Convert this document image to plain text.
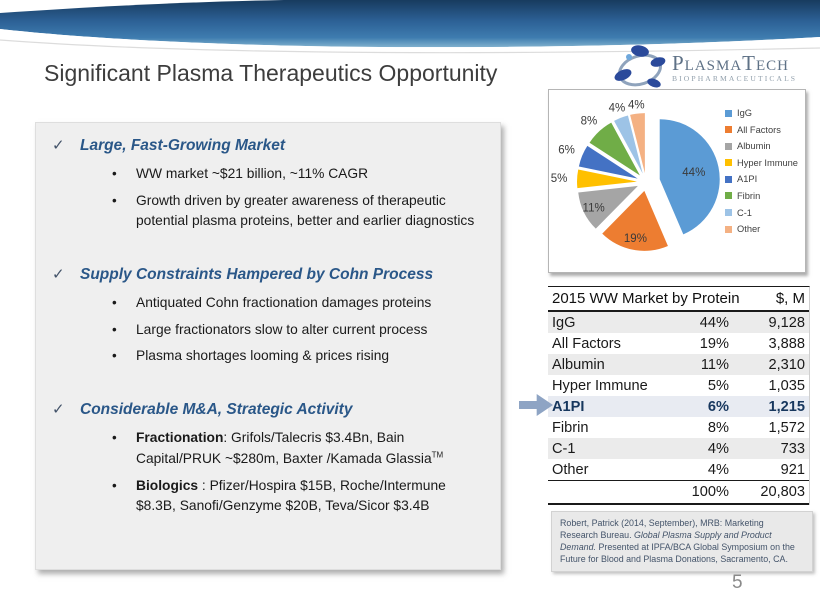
Significant Plasma Therapeutics Opportunity	PlasmaTech
BIOPHARMACEUTICALS
✓ Large, Fast-Growing Market
•	WW market ~$21 billion, ~11% CAGR
•	Growth driven by greater awareness of therapeutic potential plasma proteins, better and earlier diagnostics
✓ Supply Constraints Hampered by Cohn Process
•	Antiquated Cohn fractionation damages proteins
•	Large fractionators slow to alter current process
•	Plasma shortages looming & prices rising
✓ Considerable M&A, Strategic Activity
•	Fractionation: Grifols/Talecris $3.4Bn, Bain Capital/PRUK ~$280m, Baxter /Kamada Glassia™
•	Biologics : Pfizer/Hospira $15B, Roche/Intermune $8.3B, Sanofi/Genzyme $20B, Teva/Sicor $3.4B
44%
19%
11%
5%
6%
8%
4% 4%
IgG
All Factors
Albumin
Hyper Immune
A1PI
Fibrin
C-1
Other
2015 WW Market by Protein	$, M
IgG	44%	9,128
All Factors	19%	3,888
Albumin	11%	2,310
Hyper Immune	5%	1,035
A1PI	6%	1,215
Fibrin	8%	1,572
C-1	4%	733
Other	4%	921
100%	20,803
Robert, Patrick (2014, September), MRB: Marketing Research Bureau. Global Plasma Supply and Product Demand. Presented at IPFA/BCA Global Symposium on the Future for Blood and Plasma Donations, Sacramento, CA.
5
